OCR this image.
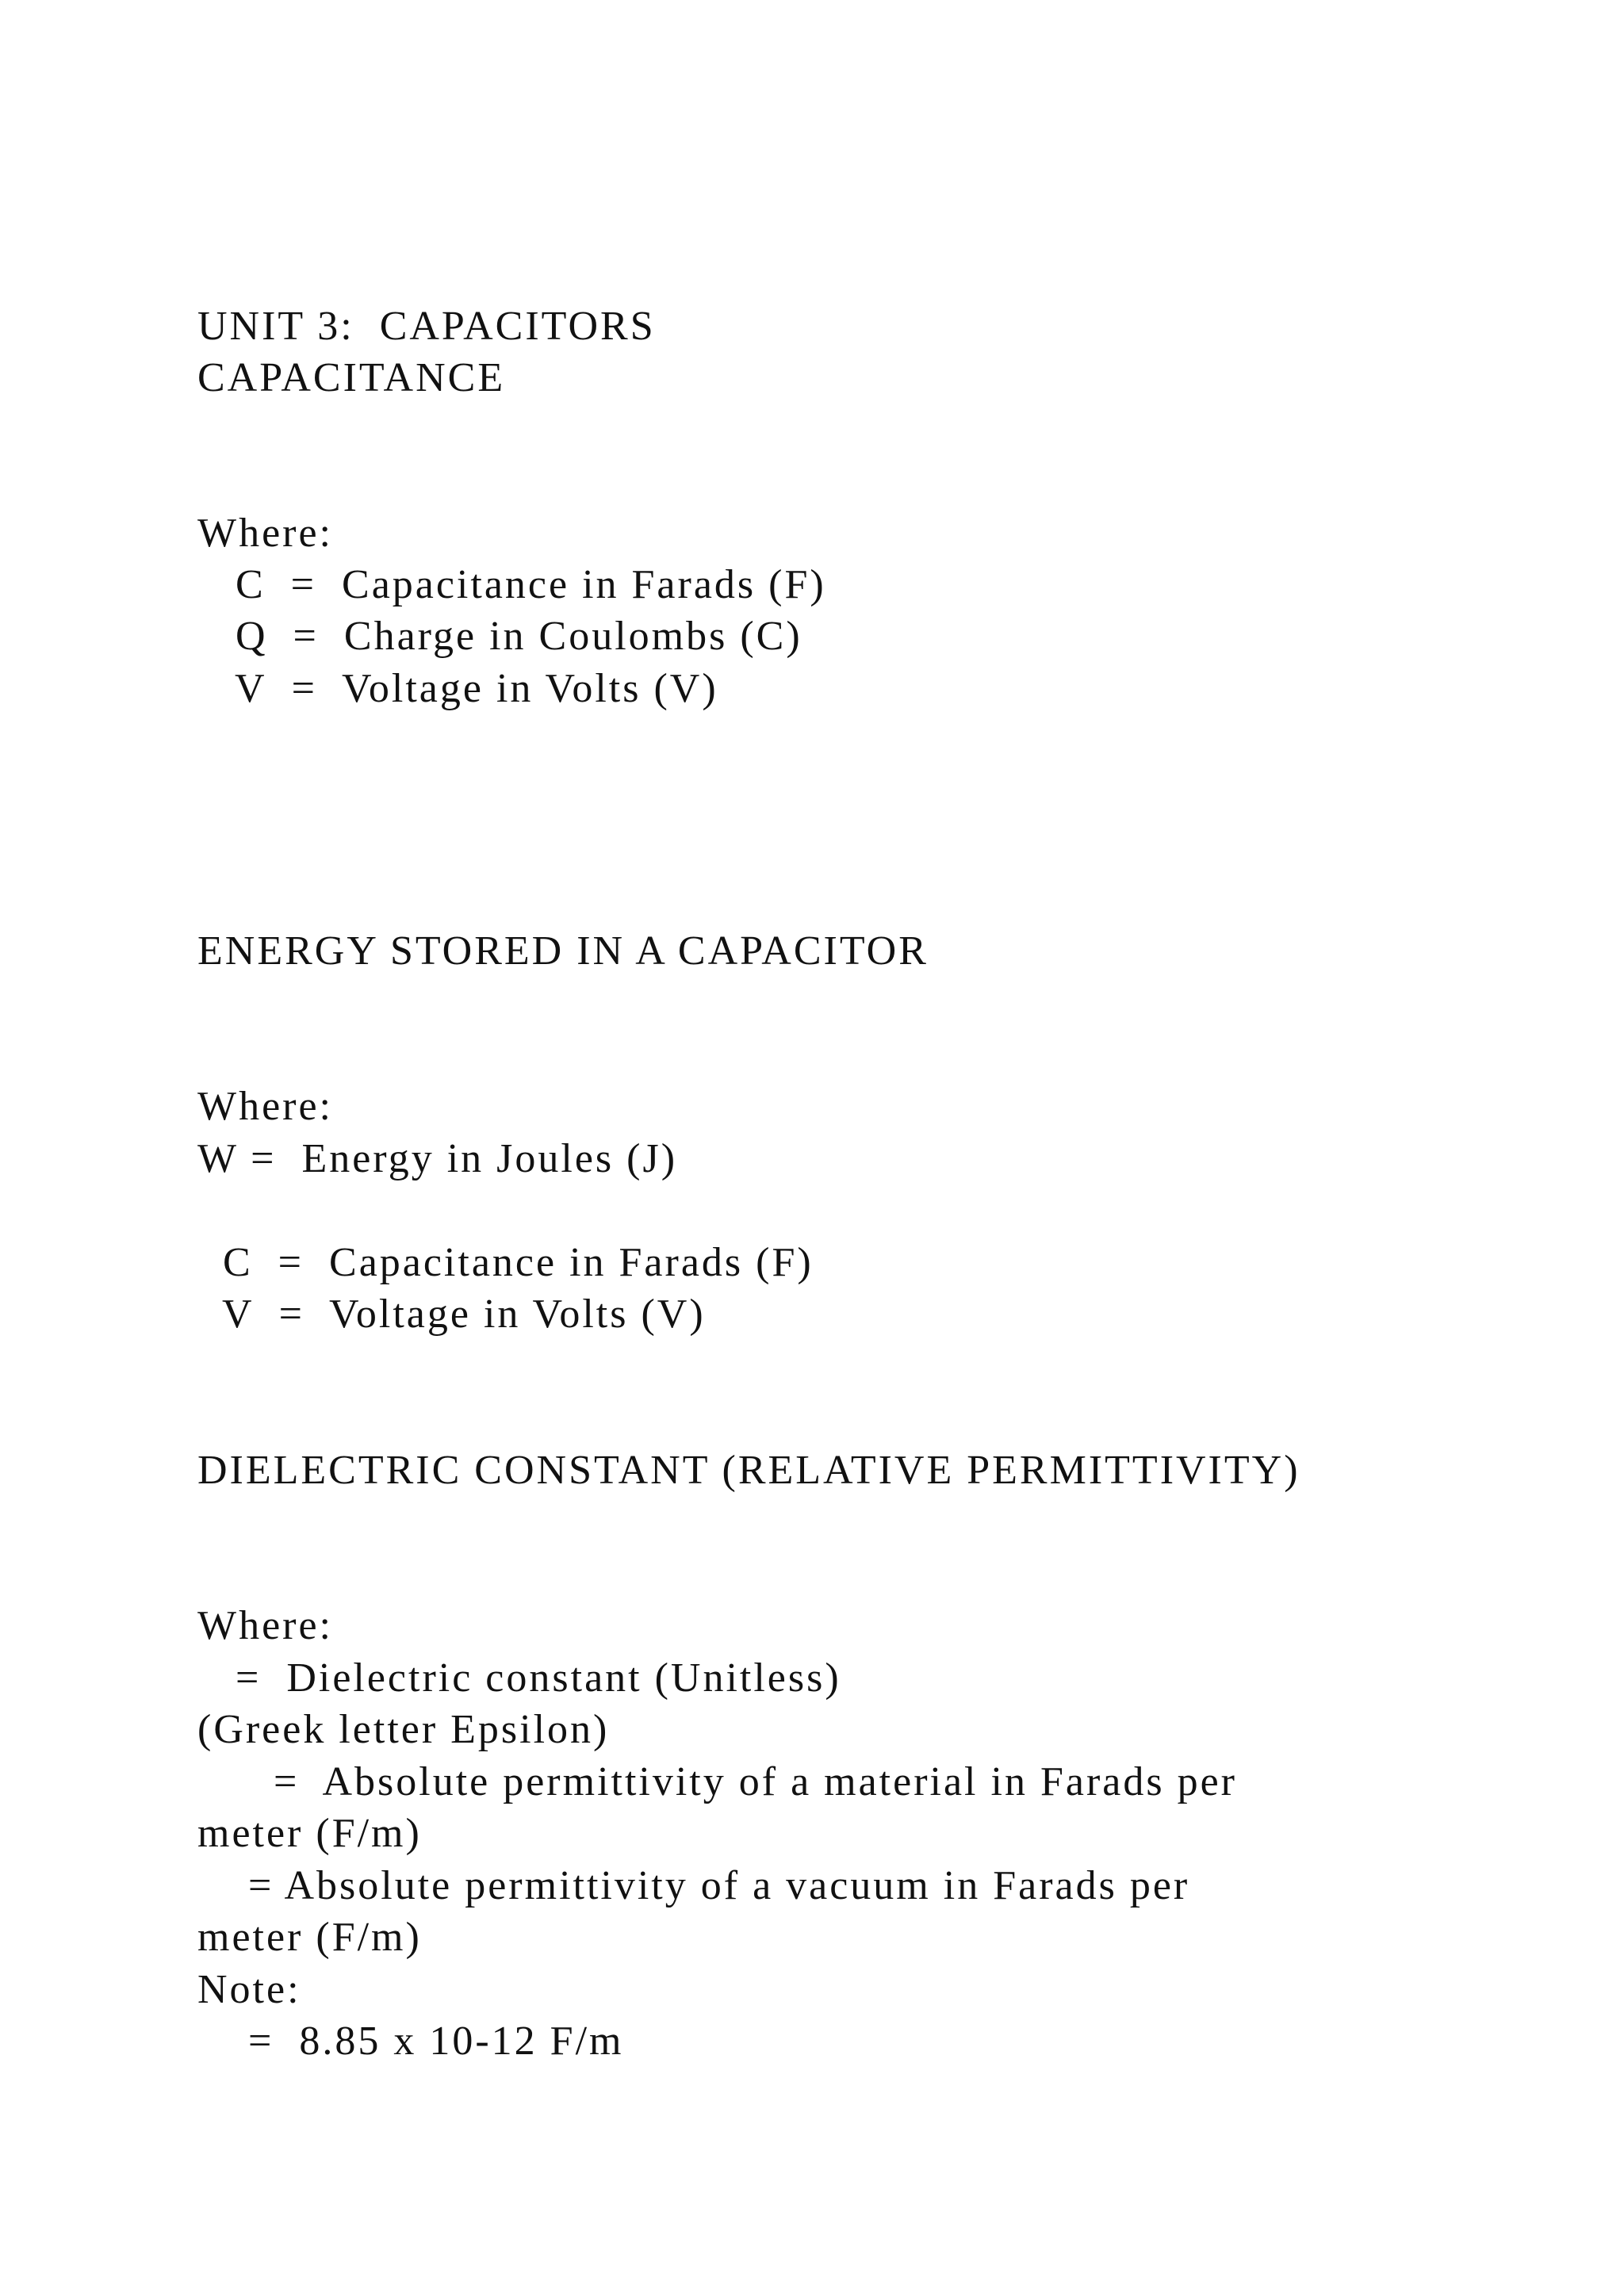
UNIT 3:  CAPACITORS
CAPACITANCE
Where:
C  =  Capacitance in Farads (F)
Q  =  Charge in Coulombs (C)
V  =  Voltage in Volts (V)
ENERGY STORED IN A CAPACITOR
Where:
W =  Energy in Joules (J)
C  =  Capacitance in Farads (F)
V  =  Voltage in Volts (V)
DIELECTRIC CONSTANT (RELATIVE PERMITTIVITY)
Where:
=  Dielectric constant (Unitless)
(Greek letter Epsilon)
=  Absolute permittivity of a material in Farads per
meter (F/m)
= Absolute permittivity of a vacuum in Farads per
meter (F/m)
Note:
=  8.85 x 10-12 F/m
